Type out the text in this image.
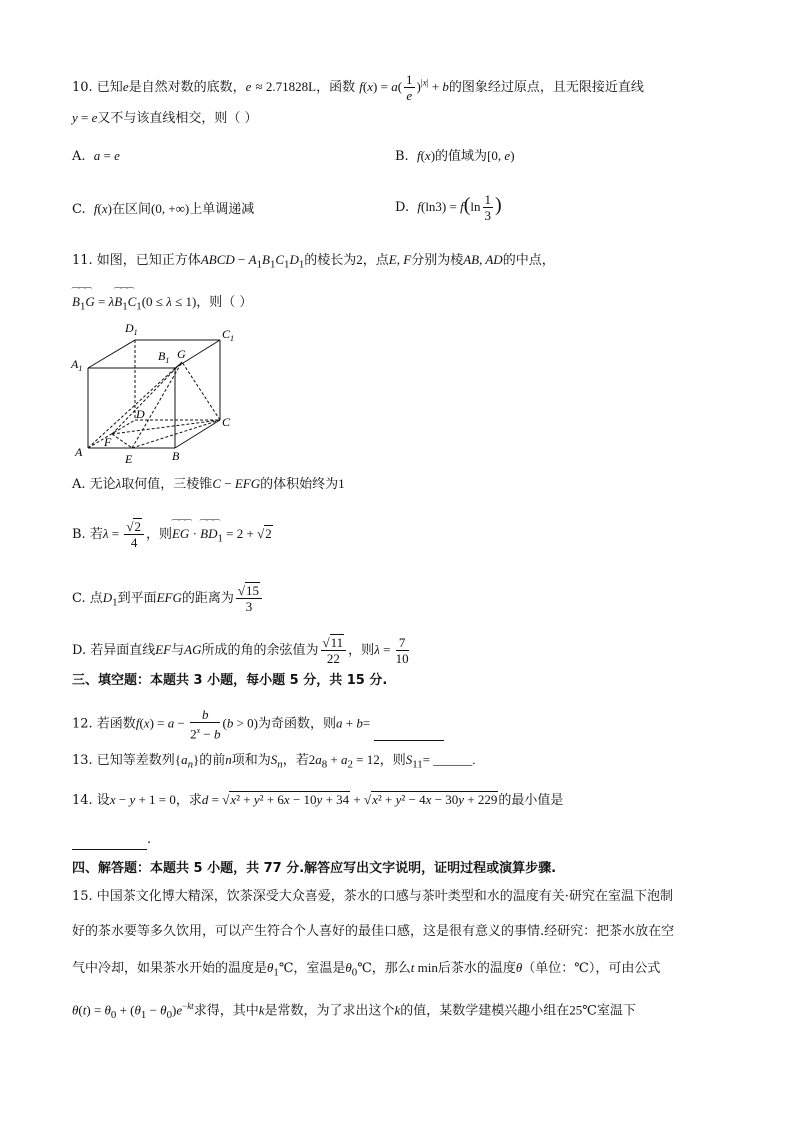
10. 已知e是自然对数的底数，e ≈ 2.71828L，函数 $f(x) = a( \frac{1}{e} )^{|x|} + b$的图象经过原点，且无限接近直线
y = e又不与该直线相交，则（ ）
A. a = e	B. f(x)的值域为[0, e)
C. f(x)在区间(0, +∞)上单调递减	D. $f(\ln 3) = f(\ln \frac{1}{3}$ )
11. 如图，已知正方体ABCD − $A_1B_1C_1D_1$的棱长为2，点E, F分别为棱AB, AD的中点，
⁀⁀⁀ $B_1G$ = λ⁀⁀⁀ $B_1C_1(0 \le \lambda \le 1)$，则（ ）
$D_1$	$C_1$
$A_1$
$B_1$ G
D
C
A
F
E	B
A. 无论λ取何值，三棱锥C − EFG的体积始终为1
B. 若$\lambda = \frac{√2}{4}$ ，则⁀⁀⁀ EG · ⁀⁀⁀ $BD_1 = 2 + √2$
C. 点$D_1$到平面EFG的距离为 $\frac{√15}{3}$
D. 若异面直线EF与AG所成的角的余弦值为 $\frac{√11}{22}$ ，则$\lambda = \frac{7}{10}$
三、填空题：本题共 3 小题，每小题 5 分，共 15 分.
12. 若函数$f(x) = a - \frac{b}{2^x - b} (b > 0)$为奇函数，则a + b=
13. 已知等差数列$\{a_n\}$的前n项和为$S_n$，若$2a_8 + a_2 = 12$，则$S_{11}=$ ______.
14. 设x − y + 1 = 0，求d = √x² + y² + 6x − 10y + 34 + √x² + y² − 4x − 30y + 229的最小值是
.
四、解答题：本题共 5 小题，共 77 分.解答应写出文字说明，证明过程或演算步骤.
15. 中国茶文化博大精深，饮茶深受大众喜爱，茶水的口感与茶叶类型和水的温度有关·研究在室温下泡制
好的茶水要等多久饮用，可以产生符合个人喜好的最佳口感，这是很有意义的事情.经研究：把茶水放在空
气中冷却，如果茶水开始的温度是$\theta_1℃$，室温是$\theta_0℃$，那么t min后茶水的温度θ（单位：℃），可由公式
$\theta(t) = \theta_0 + (\theta_1 - \theta_0)e^{-kt}$求得，其中k是常数，为了求出这个k的值，某数学建模兴趣小组在25℃室温下
